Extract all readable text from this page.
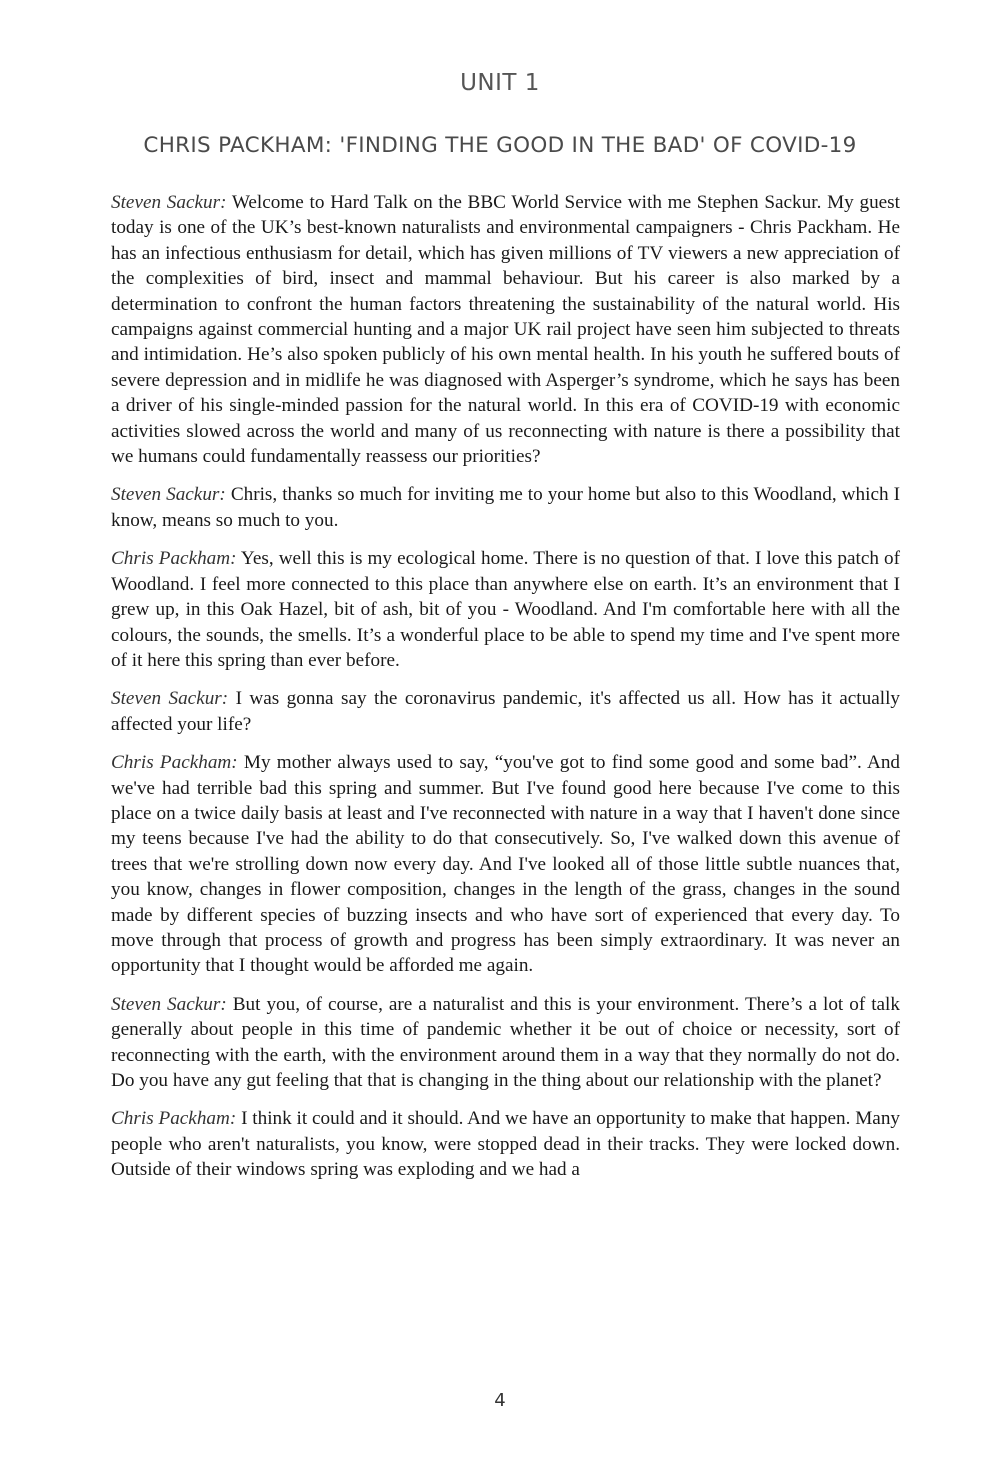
UNIT 1
CHRIS PACKHAM: 'FINDING THE GOOD IN THE BAD' OF COVID-19

Steven Sackur: Welcome to Hard Talk on the BBC World Service with me Stephen Sackur. My guest today is one of the UK’s best-known naturalists and environmental campaigners - Chris Packham. He has an infectious enthusiasm for detail, which has given millions of TV viewers a new appreciation of the complexities of bird, insect and mammal behaviour. But his career is also marked by a determination to confront the human factors threatening the sustainability of the natural world. His campaigns against commercial hunting and a major UK rail project have seen him subjected to threats and intimidation. He’s also spoken publicly of his own mental health. In his youth he suffered bouts of severe depression and in midlife he was diagnosed with Asperger’s syndrome, which he says has been a driver of his single-minded passion for the natural world. In this era of COVID-19 with economic activities slowed across the world and many of us reconnecting with nature is there a possibility that we humans could fundamentally reassess our priorities?

Steven Sackur: Chris, thanks so much for inviting me to your home but also to this Woodland, which I know, means so much to you.

Chris Packham: Yes, well this is my ecological home. There is no question of that. I love this patch of Woodland. I feel more connected to this place than anywhere else on earth. It’s an environment that I grew up, in this Oak Hazel, bit of ash, bit of you - Woodland. And I'm comfortable here with all the colours, the sounds, the smells. It’s a wonderful place to be able to spend my time and I've spent more of it here this spring than ever before.

Steven Sackur: I was gonna say the coronavirus pandemic, it's affected us all. How has it actually affected your life?

Chris Packham: My mother always used to say, “you've got to find some good and some bad”. And we've had terrible bad this spring and summer. But I've found good here because I've come to this place on a twice daily basis at least and I've reconnected with nature in a way that I haven't done since my teens because I've had the ability to do that consecutively. So, I've walked down this avenue of trees that we're strolling down now every day. And I've looked all of those little subtle nuances that, you know, changes in flower composition, changes in the length of the grass, changes in the sound made by different species of buzzing insects and who have sort of experienced that every day. To move through that process of growth and progress has been simply extraordinary. It was never an opportunity that I thought would be afforded me again.

Steven Sackur: But you, of course, are a naturalist and this is your environment. There’s a lot of talk generally about people in this time of pandemic whether it be out of choice or necessity, sort of reconnecting with the earth, with the environment around them in a way that they normally do not do. Do you have any gut feeling that that is changing in the thing about our relationship with the planet?

Chris Packham: I think it could and it should. And we have an opportunity to make that happen. Many people who aren't naturalists, you know, were stopped dead in their tracks. They were locked down. Outside of their windows spring was exploding and we had a

4
